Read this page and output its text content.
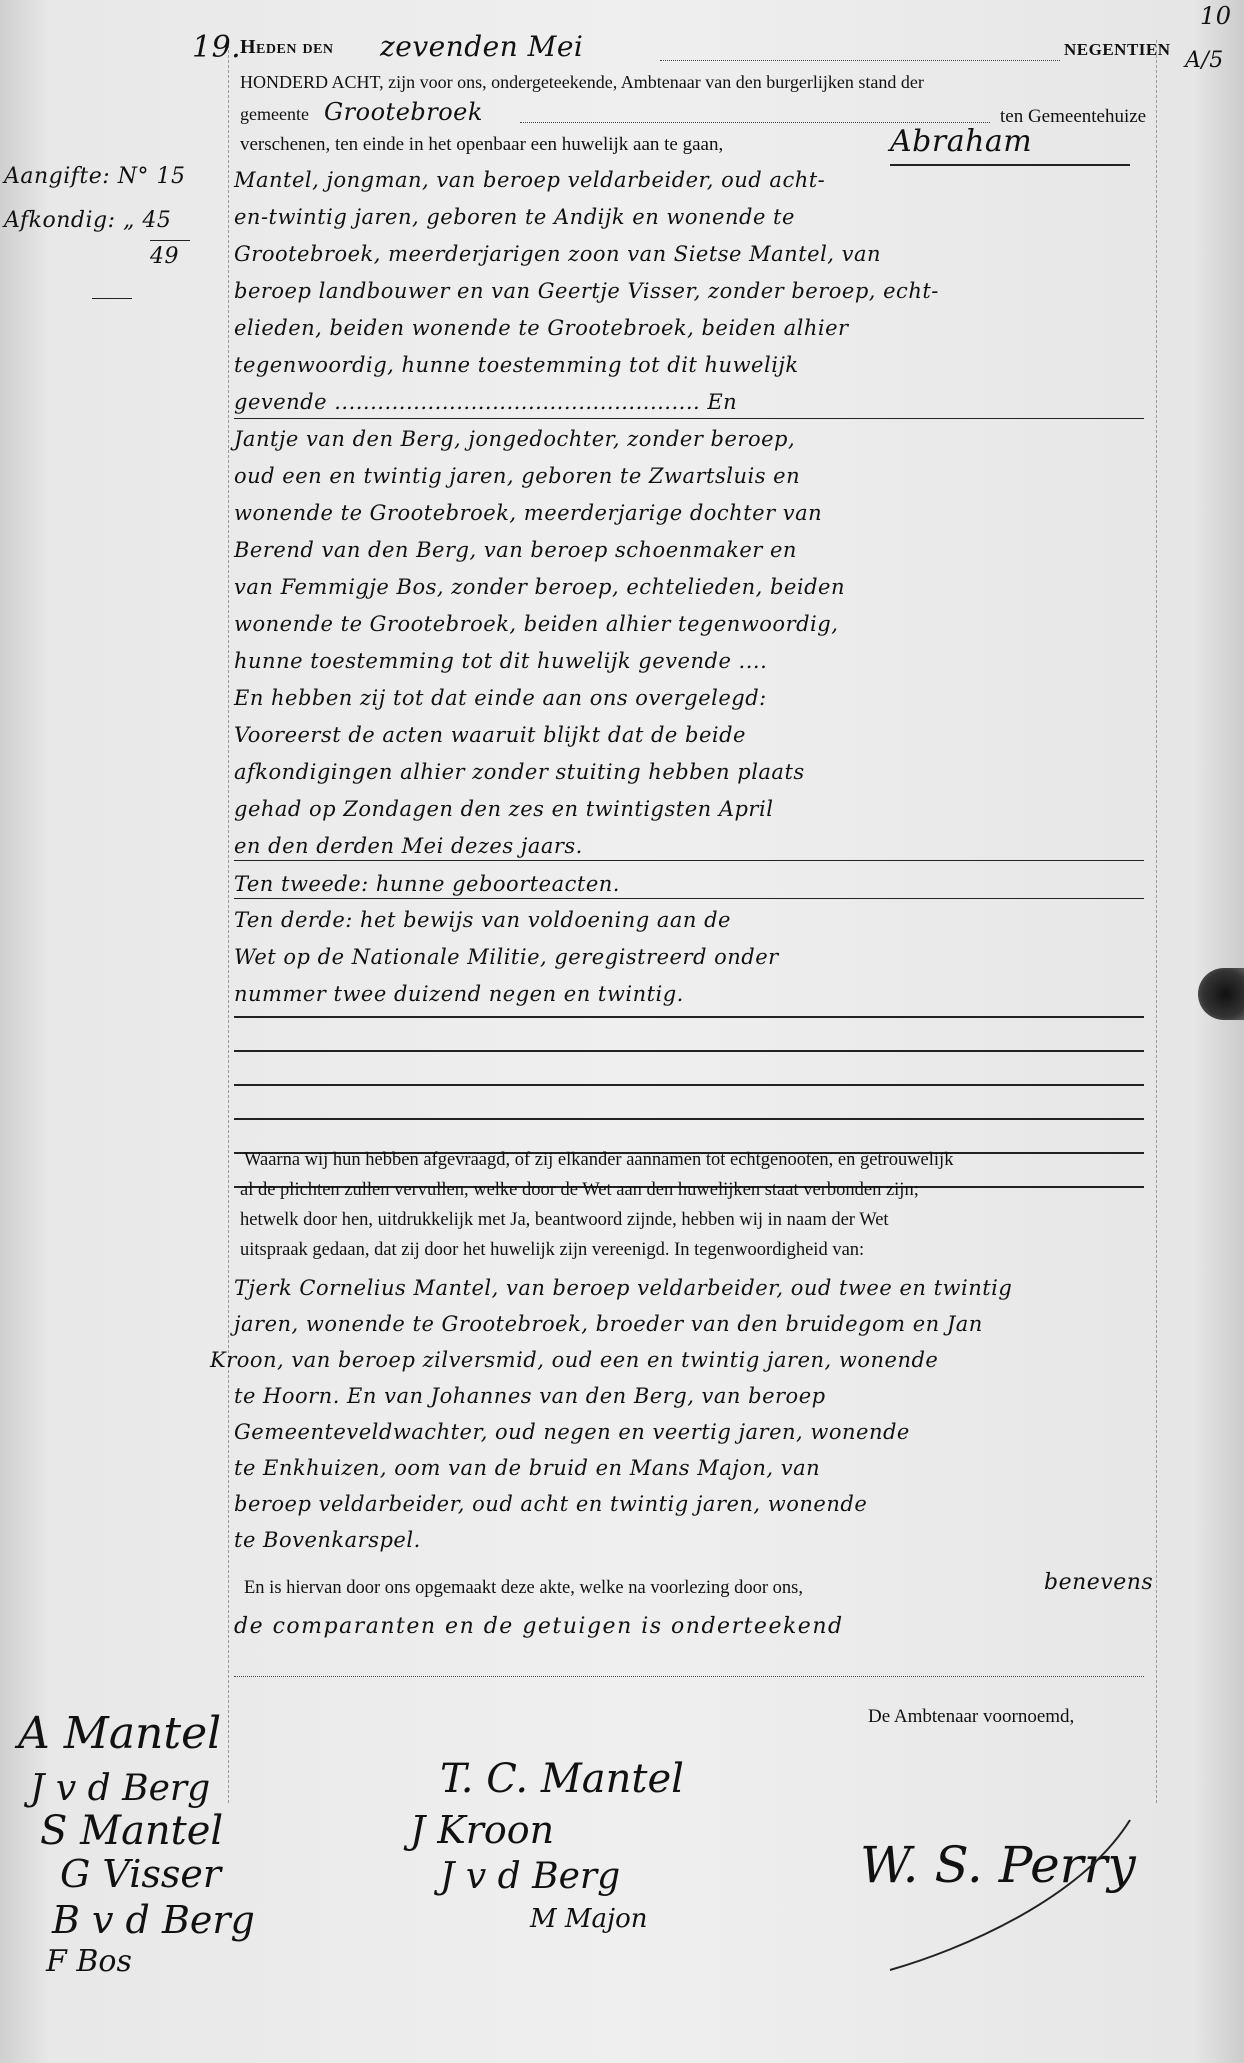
10
A/5
19.
Aangifte: N° 15
Afkondig: „ 45
49
Heden den zevenden Mei	NEGENTIEN
HONDERD ACHT, zijn voor ons, ondergeteekende, Ambtenaar van den burgerlijken stand der
gemeente Grootebroek	ten Gemeentehuize
verschenen, ten einde in het openbaar een huwelijk aan te gaan,	Abraham
Mantel, jongman, van beroep veldarbeider, oud acht-
en-twintig jaren, geboren te Andijk en wonende te
Grootebroek, meerderjarigen zoon van Sietse Mantel, van
beroep landbouwer en van Geertje Visser, zonder beroep, echt-
elieden, beiden wonende te Grootebroek, beiden alhier
tegenwoordig, hunne toestemming tot dit huwelijk
gevende ................................................... En
Jantje van den Berg, jongedochter, zonder beroep,
oud een en twintig jaren, geboren te Zwartsluis en
wonende te Grootebroek, meerderjarige dochter van
Berend van den Berg, van beroep schoenmaker en
van Femmigje Bos, zonder beroep, echtelieden, beiden
wonende te Grootebroek, beiden alhier tegenwoordig,
hunne toestemming tot dit huwelijk gevende ....
En hebben zij tot dat einde aan ons overgelegd:
Vooreerst de acten waaruit blijkt dat de beide
afkondigingen alhier zonder stuiting hebben plaats
gehad op Zondagen den zes en twintigsten April
en den derden Mei dezes jaars.
Ten tweede: hunne geboorteacten.
Ten derde: het bewijs van voldoening aan de
Wet op de Nationale Militie, geregistreerd onder
nummer twee duizend negen en twintig.
Waarna wij hun hebben afgevraagd, of zij elkander aannamen tot echtgenooten, en getrouwelijk
al de plichten zullen vervullen, welke door de Wet aan den huwelijken staat verbonden zijn;
hetwelk door hen, uitdrukkelijk met Ja, beantwoord zijnde, hebben wij in naam der Wet
uitspraak gedaan, dat zij door het huwelijk zijn vereenigd. In tegenwoordigheid van:
Tjerk Cornelius Mantel, van beroep veldarbeider, oud twee en twintig
jaren, wonende te Grootebroek, broeder van den bruidegom en Jan
Kroon, van beroep zilversmid, oud een en twintig jaren, wonende
te Hoorn. En van Johannes van den Berg, van beroep
Gemeenteveldwachter, oud negen en veertig jaren, wonende
te Enkhuizen, oom van de bruid en Mans Majon, van
beroep veldarbeider, oud acht en twintig jaren, wonende
te Bovenkarspel.
En is hiervan door ons opgemaakt deze akte, welke na voorlezing door ons,	benevens
de comparanten en de getuigen is onderteekend
De Ambtenaar voornoemd,
A Mantel
J v d Berg
S Mantel
G Visser
B v d Berg
F Bos
T. C. Mantel
J Kroon
J v d Berg
M Majon
W. S. Perry
